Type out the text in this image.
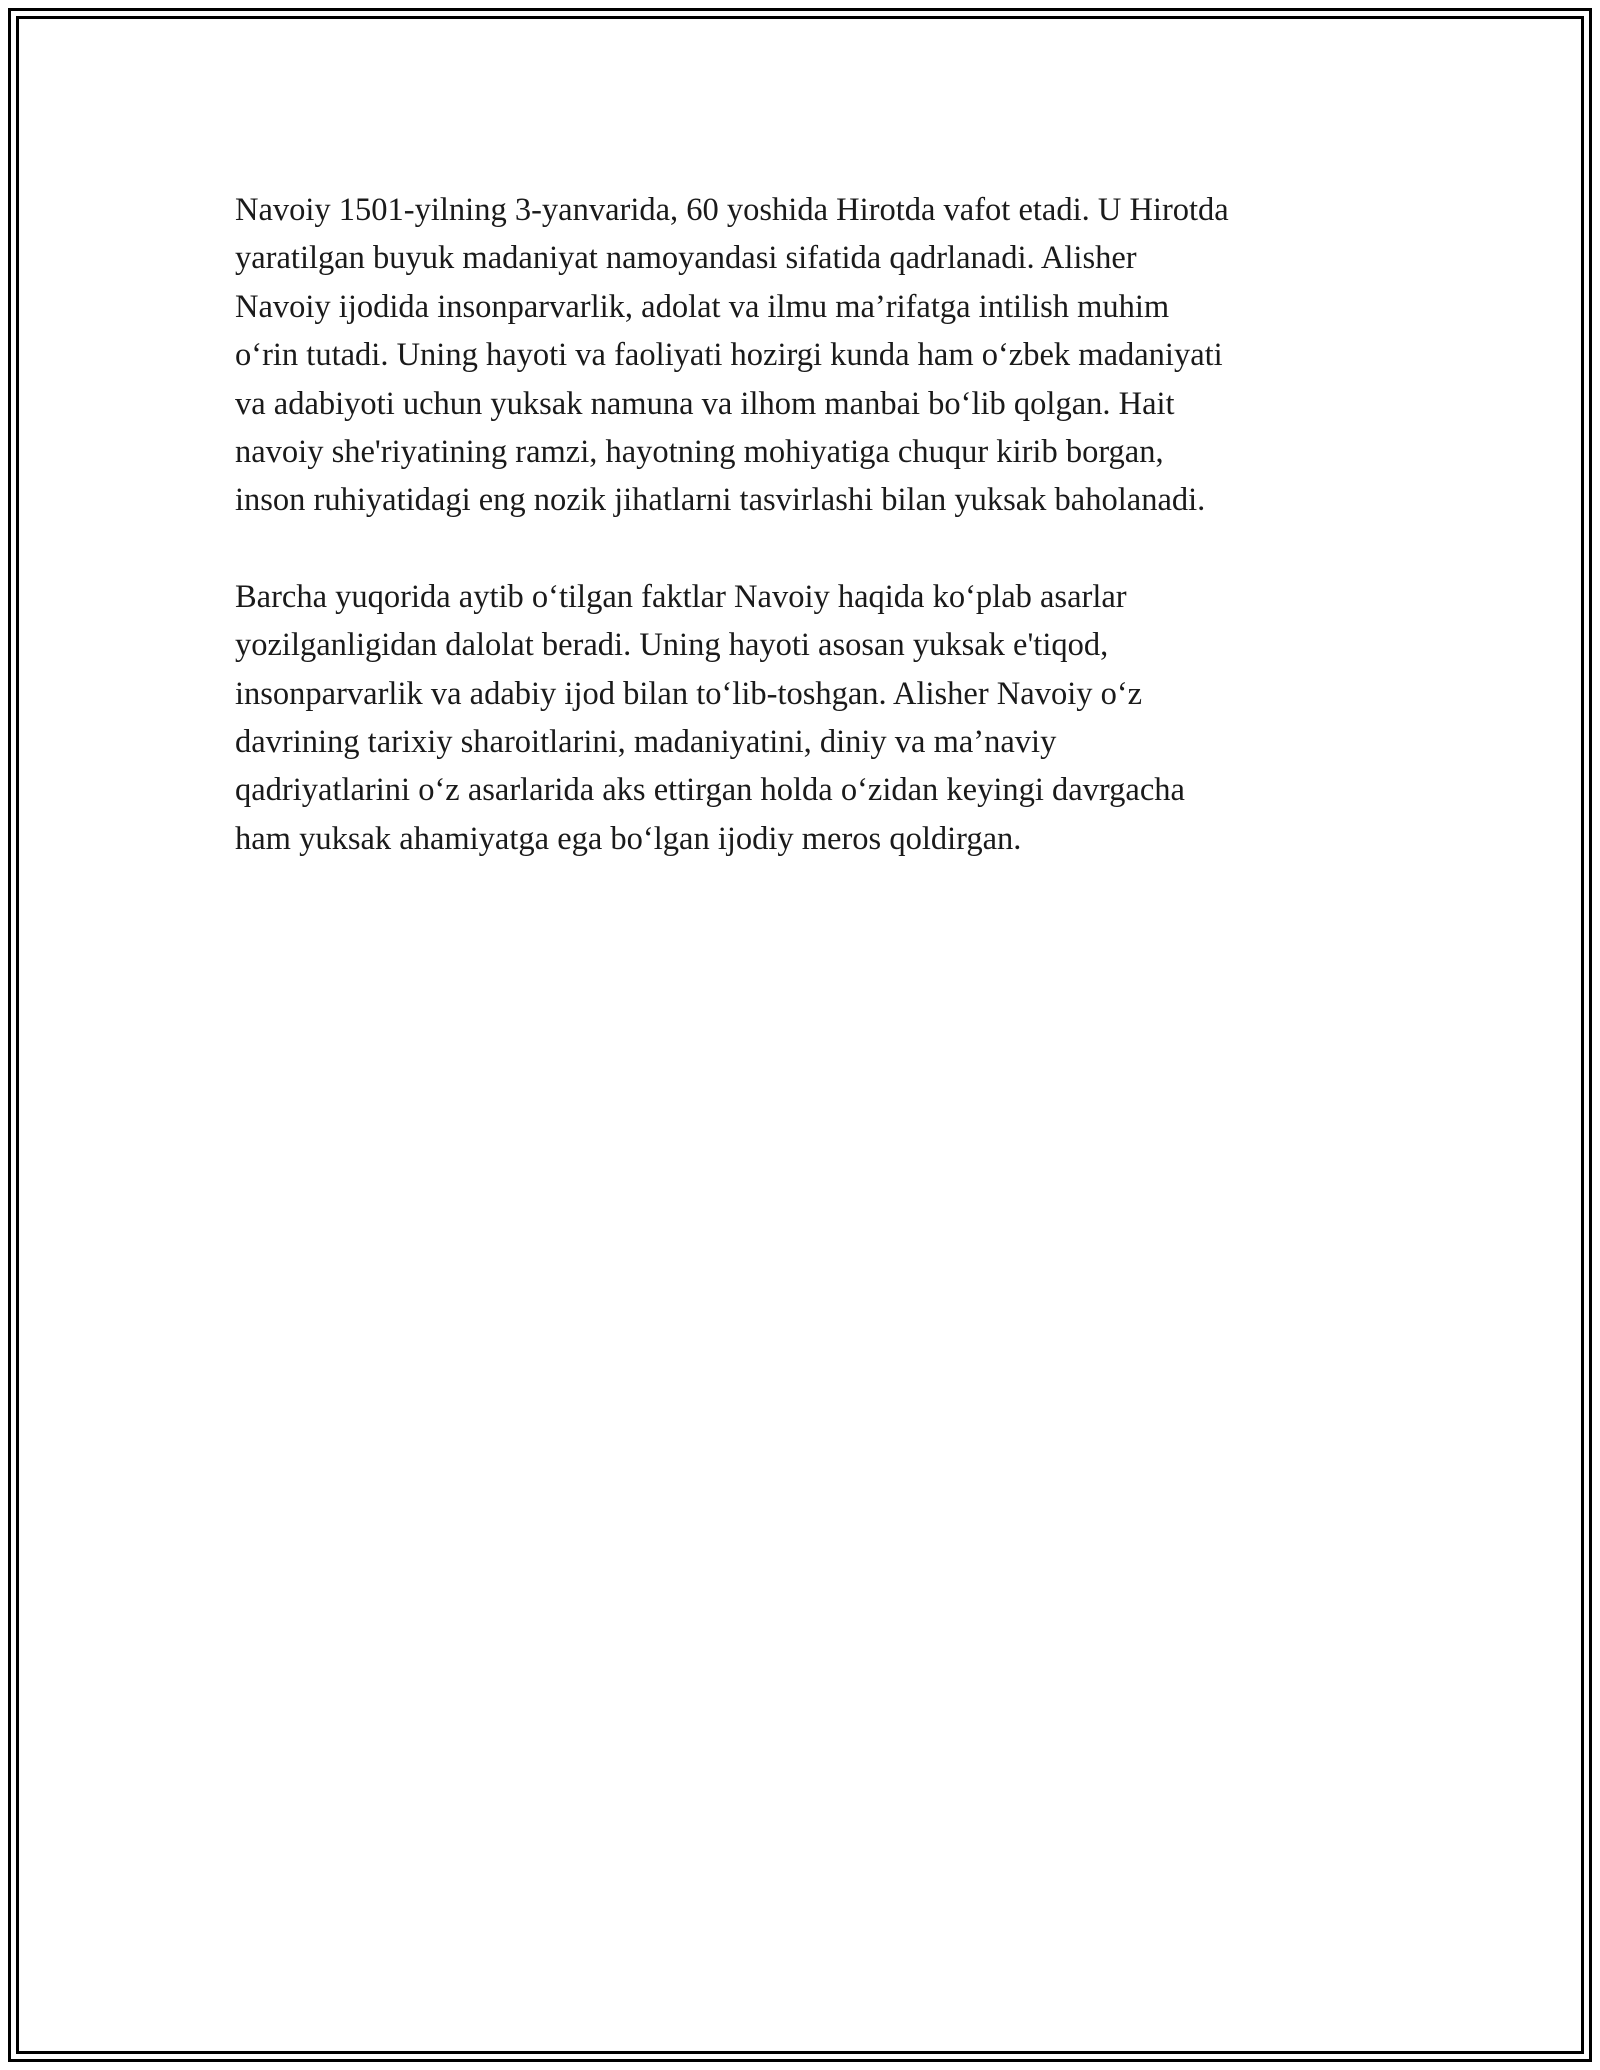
Navoiy 1501-yilning 3-yanvarida, 60 yoshida Hirotda vafot etadi. U Hirotda
yaratilgan buyuk madaniyat namoyandasi sifatida qadrlanadi. Alisher
Navoiy ijodida insonparvarlik, adolat va ilmu ma’rifatga intilish muhim
o‘rin tutadi. Uning hayoti va faoliyati hozirgi kunda ham o‘zbek madaniyati
va adabiyoti uchun yuksak namuna va ilhom manbai bo‘lib qolgan. Hait
navoiy she'riyatining ramzi, hayotning mohiyatiga chuqur kirib borgan,
inson ruhiyatidagi eng nozik jihatlarni tasvirlashi bilan yuksak baholanadi.

Barcha yuqorida aytib o‘tilgan faktlar Navoiy haqida ko‘plab asarlar
yozilganligidan dalolat beradi. Uning hayoti asosan yuksak e'tiqod,
insonparvarlik va adabiy ijod bilan to‘lib-toshgan. Alisher Navoiy o‘z
davrining tarixiy sharoitlarini, madaniyatini, diniy va ma’naviy
qadriyatlarini o‘z asarlarida aks ettirgan holda o‘zidan keyingi davrgacha
ham yuksak ahamiyatga ega bo‘lgan ijodiy meros qoldirgan.
